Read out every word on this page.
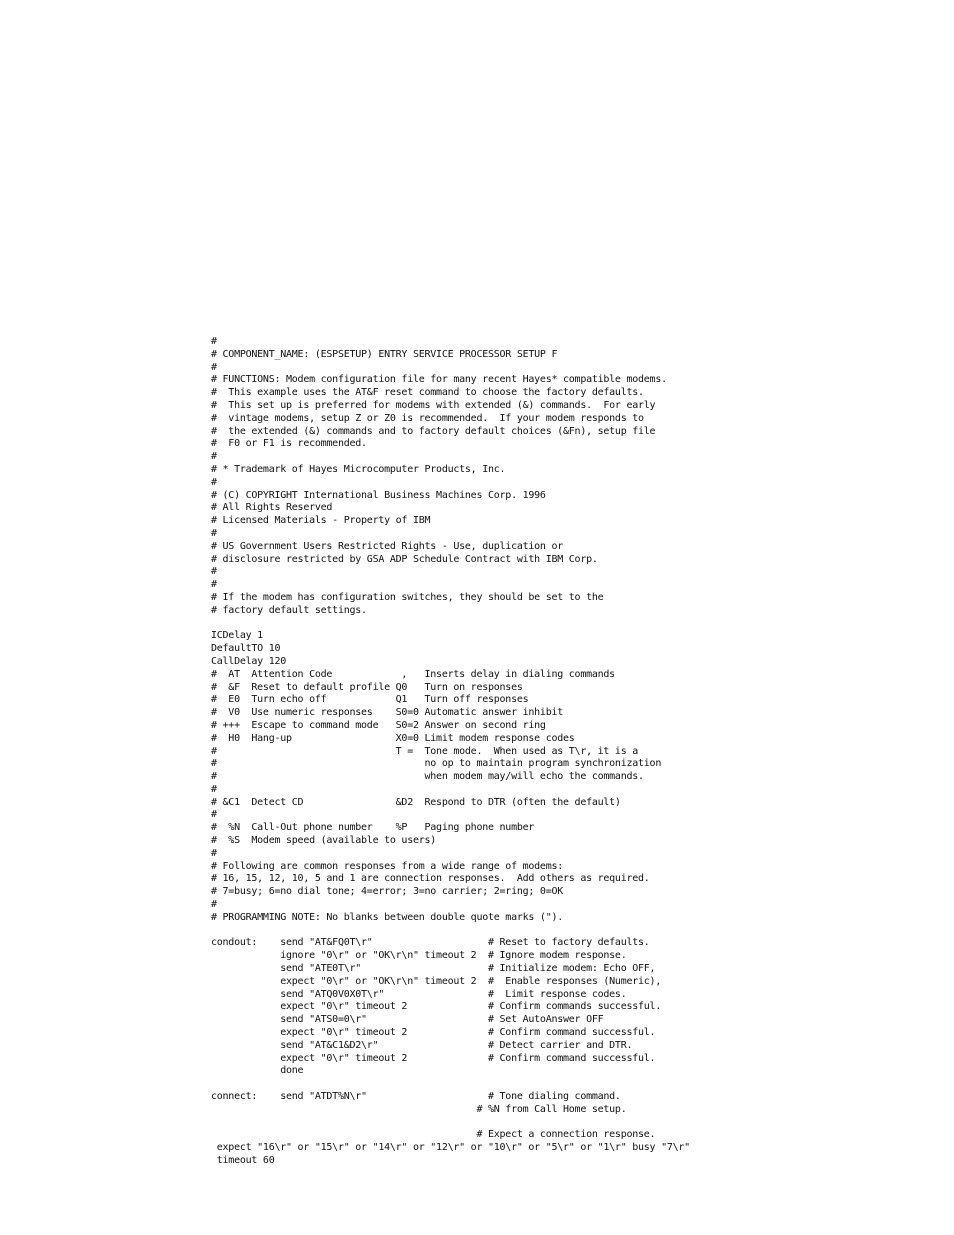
#
# COMPONENT_NAME: (ESPSETUP) ENTRY SERVICE PROCESSOR SETUP F
#
# FUNCTIONS: Modem configuration file for many recent Hayes* compatible modems.
#  This example uses the AT&F reset command to choose the factory defaults.
#  This set up is preferred for modems with extended (&) commands.  For early
#  vintage modems, setup Z or Z0 is recommended.  If your modem responds to
#  the extended (&) commands and to factory default choices (&Fn), setup file
#  F0 or F1 is recommended.
#
# * Trademark of Hayes Microcomputer Products, Inc.
#
# (C) COPYRIGHT International Business Machines Corp. 1996
# All Rights Reserved
# Licensed Materials - Property of IBM
#
# US Government Users Restricted Rights - Use, duplication or
# disclosure restricted by GSA ADP Schedule Contract with IBM Corp.
#
#
# If the modem has configuration switches, they should be set to the
# factory default settings.

ICDelay 1
DefaultTO 10
CallDelay 120
#  AT  Attention Code            ,   Inserts delay in dialing commands
#  &F  Reset to default profile Q0   Turn on responses
#  E0  Turn echo off            Q1   Turn off responses
#  V0  Use numeric responses    S0=0 Automatic answer inhibit
# +++  Escape to command mode   S0=2 Answer on second ring
#  H0  Hang-up                  X0=0 Limit modem response codes
#                               T =  Tone mode.  When used as T\r, it is a
#                                    no op to maintain program synchronization
#                                    when modem may/will echo the commands.
#
# &C1  Detect CD                &D2  Respond to DTR (often the default)
#
#  %N  Call-Out phone number    %P   Paging phone number
#  %S  Modem speed (available to users)
#
# Following are common responses from a wide range of modems:
# 16, 15, 12, 10, 5 and 1 are connection responses.  Add others as required.
# 7=busy; 6=no dial tone; 4=error; 3=no carrier; 2=ring; 0=OK
#
# PROGRAMMING NOTE: No blanks between double quote marks (").

condout:    send "AT&FQ0T\r"                    # Reset to factory defaults.
ignore "0\r" or "OK\r\n" timeout 2  # Ignore modem response.
send "ATE0T\r"                      # Initialize modem: Echo OFF,
expect "0\r" or "OK\r\n" timeout 2  #  Enable responses (Numeric),
send "ATQ0V0X0T\r"                  #  Limit response codes.
expect "0\r" timeout 2              # Confirm commands successful.
send "ATS0=0\r"                     # Set AutoAnswer OFF
expect "0\r" timeout 2              # Confirm command successful.
send "AT&C1&D2\r"                   # Detect carrier and DTR.
expect "0\r" timeout 2              # Confirm command successful.
done

connect:    send "ATDT%N\r"                     # Tone dialing command.
# %N from Call Home setup.

# Expect a connection response.
expect "16\r" or "15\r" or "14\r" or "12\r" or "10\r" or "5\r" or "1\r" busy "7\r"
timeout 60
